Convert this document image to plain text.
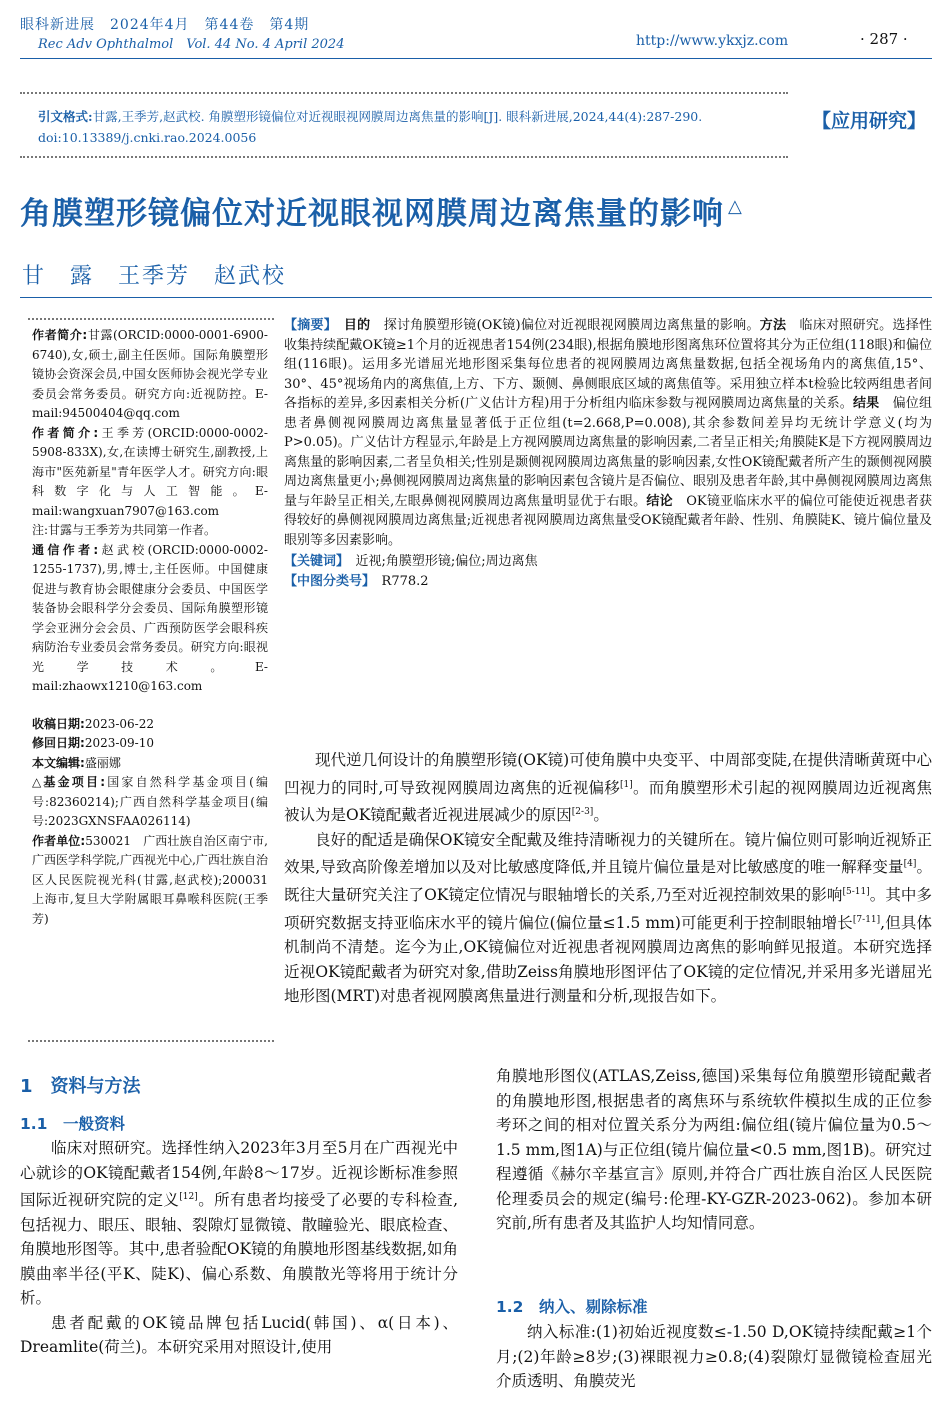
眼科新进展　2024年4月　第44卷　第4期
Rec Adv Ophthalmol　Vol. 44 No. 4 April 2024	http://www.ykxjz.com	· 287 ·
引文格式:甘露,王季芳,赵武校. 角膜塑形镜偏位对近视眼视网膜周边离焦量的影响[J]. 眼科新进展,2024,44(4):287-290. doi:10.13389/j.cnki.rao.2024.0056
【应用研究】
角膜塑形镜偏位对近视眼视网膜周边离焦量的影响 △
甘　露　王季芳　赵武校

作者简介:甘露(ORCID:0000-0001-6900-6740),女,硕士,副主任医师。国际角膜塑形镜协会资深会员,中国女医师协会视光学专业委员会常务委员。研究方向:近视防控。E-mail:94500404@qq.com

作者简介:王季芳(ORCID:0000-0002-5908-833X),女,在读博士研究生,副教授,上海市"医苑新星"青年医学人才。研究方向:眼科数字化与人工智能。E-mail:wangxuan7907@163.com

注:甘露与王季芳为共同第一作者。

通信作者:赵武校(ORCID:0000-0002-1255-1737),男,博士,主任医师。中国健康促进与教育协会眼健康分会委员、中国医学装备协会眼科学分会委员、国际角膜塑形镜学会亚洲分会会员、广西预防医学会眼科疾病防治专业委员会常务委员。研究方向:眼视光学技术。E-mail:zhaowx1210@163.com

收稿日期:2023-06-22

修回日期:2023-09-10

本文编辑:盛丽娜

△基金项目:国家自然科学基金项目(编号:82360214);广西自然科学基金项目(编号:2023GXNSFAA026114)

作者单位:530021　广西壮族自治区南宁市,广西医学科学院,广西视光中心,广西壮族自治区人民医院视光科(甘露,赵武校);200031　上海市,复旦大学附属眼耳鼻喉科医院(王季芳)

【摘要】　 目的　 探讨角膜塑形镜(OK镜)偏位对近视眼视网膜周边离焦量的影响。方法　 临床对照研究。选择性收集持续配戴OK镜≥1个月的近视患者154例(234眼),根据角膜地形图离焦环位置将其分为正位组(118眼)和偏位组(116眼)。运用多光谱屈光地形图采集每位患者的视网膜周边离焦量数据,包括全视场角内的离焦值,15°、30°、45°视场角内的离焦值,上方、下方、颞侧、鼻侧眼底区域的离焦值等。采用独立样本t检验比较两组患者间各指标的差异,多因素相关分析(广义估计方程)用于分析组内临床参数与视网膜周边离焦量的关系。结果　 偏位组患者鼻侧视网膜周边离焦量显著低于正位组(t=2.668,P=0.008),其余参数间差异均无统计学意义(均为P>0.05)。广义估计方程显示,年龄是上方视网膜周边离焦量的影响因素,二者呈正相关;角膜陡K是下方视网膜周边离焦量的影响因素,二者呈负相关;性别是颞侧视网膜周边离焦量的影响因素,女性OK镜配戴者所产生的颞侧视网膜周边离焦量更小;鼻侧视网膜周边离焦量的影响因素包含镜片是否偏位、眼别及患者年龄,其中鼻侧视网膜周边离焦量与年龄呈正相关,左眼鼻侧视网膜周边离焦量明显优于右眼。结论　 OK镜亚临床水平的偏位可能使近视患者获得较好的鼻侧视网膜周边离焦量;近视患者视网膜周边离焦量受OK镜配戴者年龄、性别、角膜陡K、镜片偏位量及眼别等多因素影响。

【关键词】　 近视;角膜塑形镜;偏位;周边离焦

【中图分类号】　 R778.2

现代逆几何设计的角膜塑形镜(OK镜)可使角膜中央变平、中周部变陡,在提供清晰黄斑中心凹视力的同时,可导致视网膜周边离焦的近视偏移[1]。而角膜塑形术引起的视网膜周边近视离焦被认为是OK镜配戴者近视进展减少的原因[2-3]。

良好的配适是确保OK镜安全配戴及维持清晰视力的关键所在。镜片偏位则可影响近视矫正效果,导致高阶像差增加以及对比敏感度降低,并且镜片偏位量是对比敏感度的唯一解释变量[4]。既往大量研究关注了OK镜定位情况与眼轴增长的关系,乃至对近视控制效果的影响[5-11]。其中多项研究数据支持亚临床水平的镜片偏位(偏位量≤1.5 mm)可能更利于控制眼轴增长[7-11],但具体机制尚不清楚。迄今为止,OK镜偏位对近视患者视网膜周边离焦的影响鲜见报道。本研究选择近视OK镜配戴者为研究对象,借助Zeiss角膜地形图评估了OK镜的定位情况,并采用多光谱屈光地形图(MRT)对患者视网膜离焦量进行测量和分析,现报告如下。

1　资料与方法
1.1　一般资料

临床对照研究。选择性纳入2023年3月至5月在广西视光中心就诊的OK镜配戴者154例,年龄8～17岁。近视诊断标准参照国际近视研究院的定义[12]。所有患者均接受了必要的专科检查,包括视力、眼压、眼轴、裂隙灯显微镜、散瞳验光、眼底检查、角膜地形图等。其中,患者验配OK镜的角膜地形图基线数据,如角膜曲率半径(平K、陡K)、偏心系数、角膜散光等将用于统计分析。

患者配戴的OK镜品牌包括Lucid(韩国)、α(日本)、Dreamlite(荷兰)。本研究采用对照设计,使用

角膜地形图仪(ATLAS,Zeiss,德国)采集每位角膜塑形镜配戴者的角膜地形图,根据患者的离焦环与系统软件模拟生成的正位参考环之间的相对位置关系分为两组:偏位组(镜片偏位量为0.5～1.5 mm,图1A)与正位组(镜片偏位量<0.5 mm,图1B)。研究过程遵循《赫尔辛基宣言》原则,并符合广西壮族自治区人民医院伦理委员会的规定(编号:伦理-KY-GZR-2023-062)。参加本研究前,所有患者及其监护人均知情同意。

1.2　纳入、剔除标准

纳入标准:(1)初始近视度数≤-1.50 D,OK镜持续配戴≥1个月;(2)年龄≥8岁;(3)裸眼视力≥0.8;(4)裂隙灯显微镜检查屈光介质透明、角膜荧光
